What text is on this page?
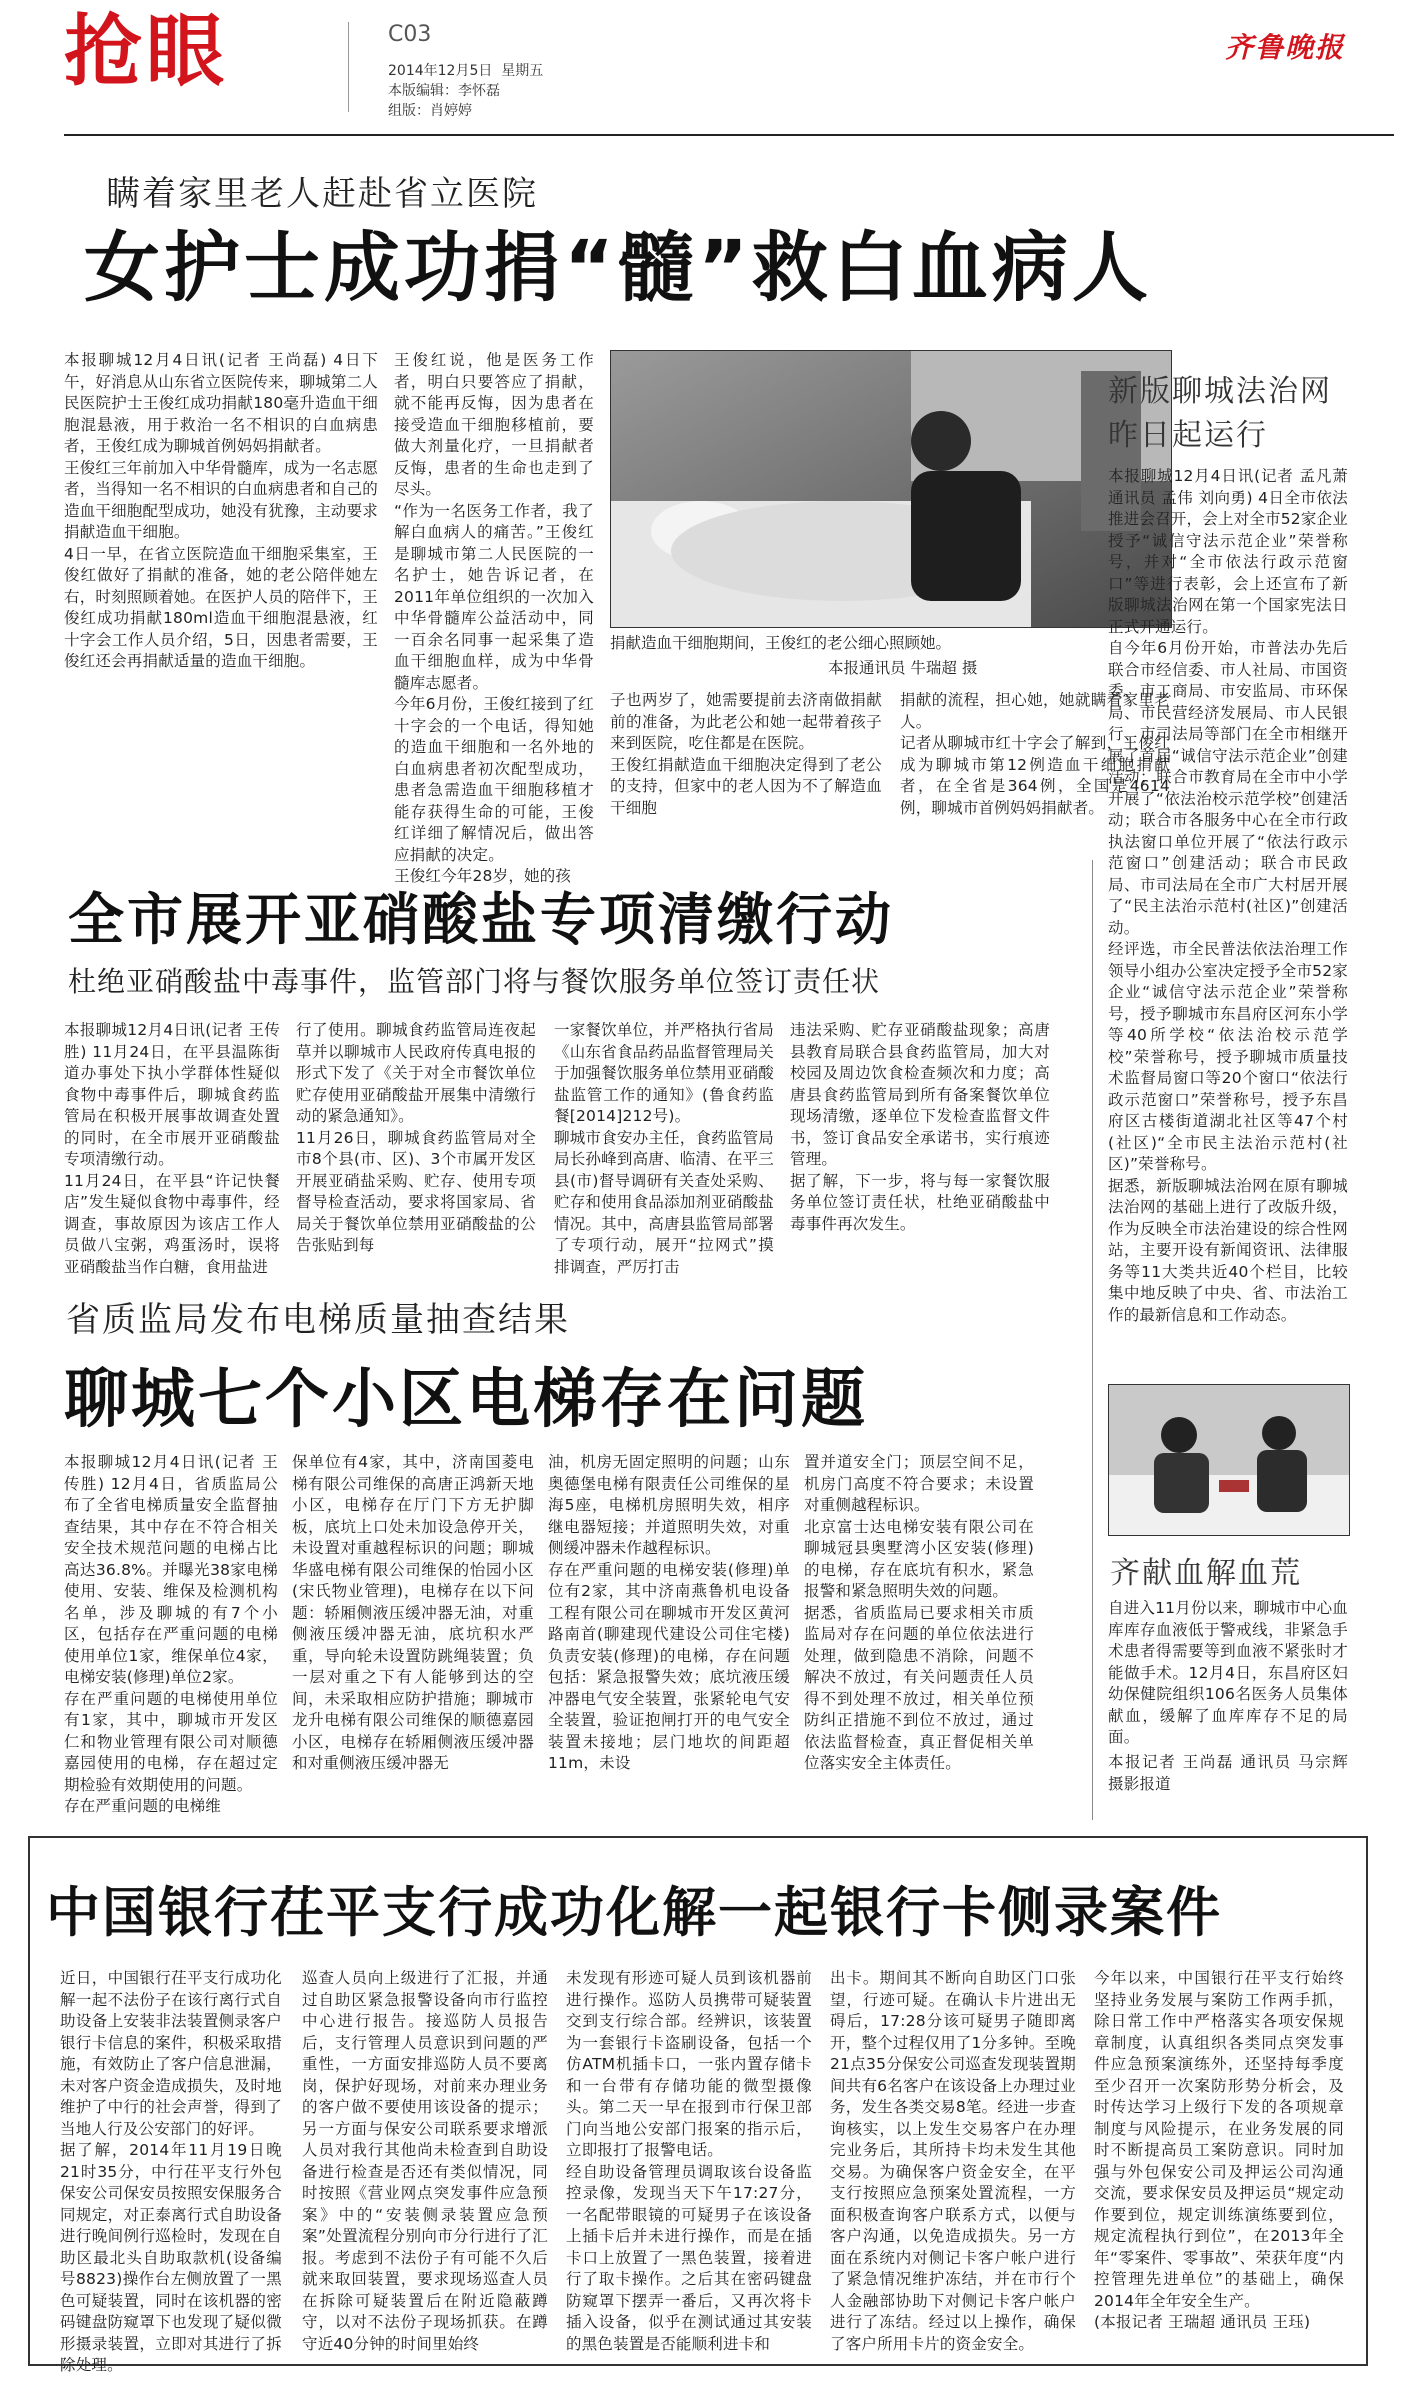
抢眼	C03
2014年12月5日 星期五
本版编辑：李怀磊
组版：肖婷婷
齐鲁晚报
瞒着家里老人赶赴省立医院
女护士成功捐“髓”救白血病人
本报聊城12月4日讯(记者 王尚磊) 4日下午，好消息从山东省立医院传来，聊城第二人民医院护士王俊红成功捐献180毫升造血干细胞混悬液，用于救治一名不相识的白血病患者，王俊红成为聊城首例妈妈捐献者。
王俊红三年前加入中华骨髓库，成为一名志愿者，当得知一名不相识的白血病患者和自己的造血干细胞配型成功，她没有犹豫，主动要求捐献造血干细胞。
4日一早，在省立医院造血干细胞采集室，王俊红做好了捐献的准备，她的老公陪伴她左右，时刻照顾着她。在医护人员的陪伴下，王俊红成功捐献180ml造血干细胞混悬液，红十字会工作人员介绍，5日，因患者需要，王俊红还会再捐献适量的造血干细胞。
王俊红说，他是医务工作者，明白只要答应了捐献，就不能再反悔，因为患者在接受造血干细胞移植前，要做大剂量化疗，一旦捐献者反悔，患者的生命也走到了尽头。
“作为一名医务工作者，我了解白血病人的痛苦。”王俊红是聊城市第二人民医院的一名护士，她告诉记者，在2011年单位组织的一次加入中华骨髓库公益活动中，同一百余名同事一起采集了造血干细胞血样，成为中华骨髓库志愿者。
今年6月份，王俊红接到了红十字会的一个电话，得知她的造血干细胞和一名外地的白血病患者初次配型成功，患者急需造血干细胞移植才能存获得生命的可能，王俊红详细了解情况后，做出答应捐献的决定。
王俊红今年28岁，她的孩
捐献造血干细胞期间，王俊红的老公细心照顾她。
本报通讯员 牛瑞超 摄
子也两岁了，她需要提前去济南做捐献前的准备，为此老公和她一起带着孩子来到医院，吃住都是在医院。
王俊红捐献造血干细胞决定得到了老公的支持，但家中的老人因为不了解造血干细胞
捐献的流程，担心她，她就瞒着家里老人。
记者从聊城市红十字会了解到，王俊红成为聊城市第12例造血干细胞捐献者，在全省是364例，全国是4614例，聊城市首例妈妈捐献者。
新版聊城法治网
昨日起运行
本报聊城12月4日讯(记者 孟凡萧 通讯员 孟伟 刘向勇) 4日全市依法推进会召开，会上对全市52家企业授予“诚信守法示范企业”荣誉称号，并对“全市依法行政示范窗口”等进行表彰，会上还宣布了新版聊城法治网在第一个国家宪法日正式开通运行。
自今年6月份开始，市普法办先后联合市经信委、市人社局、市国资委、市工商局、市安监局、市环保局、市民营经济发展局、市人民银行、市司法局等部门在全市相继开展了首届“诚信守法示范企业”创建活动；联合市教育局在全市中小学开展了“依法治校示范学校”创建活动；联合市各服务中心在全市行政执法窗口单位开展了“依法行政示范窗口”创建活动；联合市民政局、市司法局在全市广大村居开展了“民主法治示范村(社区)”创建活动。
经评选，市全民普法依法治理工作领导小组办公室决定授予全市52家企业“诚信守法示范企业”荣誉称号，授予聊城市东昌府区河东小学等40所学校“依法治校示范学校”荣誉称号，授予聊城市质量技术监督局窗口等20个窗口“依法行政示范窗口”荣誉称号，授予东昌府区古楼街道湖北社区等47个村(社区)“全市民主法治示范村(社区)”荣誉称号。
据悉，新版聊城法治网在原有聊城法治网的基础上进行了改版升级，作为反映全市法治建设的综合性网站，主要开设有新闻资讯、法律服务等11大类共近40个栏目，比较集中地反映了中央、省、市法治工作的最新信息和工作动态。
全市展开亚硝酸盐专项清缴行动
杜绝亚硝酸盐中毒事件，监管部门将与餐饮服务单位签订责任状
本报聊城12月4日讯(记者 王传胜) 11月24日，在平县温陈街道办事处下执小学群体性疑似食物中毒事件后，聊城食药监管局在积极开展事故调查处置的同时，在全市展开亚硝酸盐专项清缴行动。
11月24日，在平县“许记快餐店”发生疑似食物中毒事件，经调查，事故原因为该店工作人员做八宝粥，鸡蛋汤时，误将亚硝酸盐当作白糖，食用盐进
行了使用。聊城食药监管局连夜起草并以聊城市人民政府传真电报的形式下发了《关于对全市餐饮单位贮存使用亚硝酸盐开展集中清缴行动的紧急通知》。
11月26日，聊城食药监管局对全市8个县(市、区)、3个市属开发区开展亚硝盐采购、贮存、使用专项督导检查活动，要求将国家局、省局关于餐饮单位禁用亚硝酸盐的公告张贴到每
一家餐饮单位，并严格执行省局《山东省食品药品监督管理局关于加强餐饮服务单位禁用亚硝酸盐监管工作的通知》(鲁食药监餐[2014]212号)。
聊城市食安办主任，食药监管局局长孙峰到高唐、临清、在平三县(市)督导调研有关查处采购、贮存和使用食品添加剂亚硝酸盐情况。其中，高唐县监管局部署了专项行动，展开“拉网式”摸排调查，严厉打击
违法采购、贮存亚硝酸盐现象；高唐县教育局联合县食药监管局，加大对校园及周边饮食检查频次和力度；高唐县食药监管局到所有备案餐饮单位现场清缴，逐单位下发检查监督文件书，签订食品安全承诺书，实行痕迹管理。
据了解，下一步，将与每一家餐饮服务单位签订责任状，杜绝亚硝酸盐中毒事件再次发生。
省质监局发布电梯质量抽查结果
聊城七个小区电梯存在问题
本报聊城12月4日讯(记者 王传胜) 12月4日，省质监局公布了全省电梯质量安全监督抽查结果，其中存在不符合相关安全技术规范问题的电梯占比高达36.8%。并曝光38家电梯使用、安装、维保及检测机构名单，涉及聊城的有7个小区，包括存在严重问题的电梯使用单位1家，维保单位4家，电梯安装(修理)单位2家。
存在严重问题的电梯使用单位有1家，其中，聊城市开发区仁和物业管理有限公司对顺德嘉园使用的电梯，存在超过定期检验有效期使用的问题。
存在严重问题的电梯维
保单位有4家，其中，济南国菱电梯有限公司维保的高唐正鸿新天地小区，电梯存在厅门下方无护脚板，底坑上口处未加设急停开关，未设置对重越程标识的问题；聊城华盛电梯有限公司维保的怡园小区(宋氏物业管理)，电梯存在以下问题：轿厢侧液压缓冲器无油，对重侧液压缓冲器无油，底坑积水严重，导向轮未设置防跳绳装置；负一层对重之下有人能够到达的空间，未采取相应防护措施；聊城市龙升电梯有限公司维保的顺德嘉园小区，电梯存在轿厢侧液压缓冲器和对重侧液压缓冲器无
油，机房无固定照明的问题；山东奥德堡电梯有限责任公司维保的星海5座，电梯机房照明失效，相序继电器短接；并道照明失效，对重侧缓冲器未作越程标识。
存在严重问题的电梯安装(修理)单位有2家，其中济南燕鲁机电设备工程有限公司在聊城市开发区黄河路南首(聊建现代建设公司住宅楼)负责安装(修理)的电梯，存在问题包括：紧急报警失效；底坑液压缓冲器电气安全装置，张紧轮电气安全装置，验证抱闸打开的电气安全装置未接地；层门地坎的间距超11m，未设
置并道安全门；顶层空间不足，机房门高度不符合要求；未设置对重侧越程标识。
北京富士达电梯安装有限公司在聊城冠县奥墅湾小区安装(修理)的电梯，存在底坑有积水，紧急报警和紧急照明失效的问题。
据悉，省质监局已要求相关市质监局对存在问题的单位依法进行处理，做到隐患不消除，问题不解决不放过，有关问题责任人员得不到处理不放过，相关单位预防纠正措施不到位不放过，通过依法监督检查，真正督促相关单位落实安全主体责任。
齐献血解血荒
自进入11月份以来，聊城市中心血库库存血液低于警戒线，非紧急手术患者得需要等到血液不紧张时才能做手术。12月4日，东昌府区妇幼保健院组织106名医务人员集体献血，缓解了血库库存不足的局面。
本报记者 王尚磊 通讯员 马宗辉 摄影报道
中国银行茌平支行成功化解一起银行卡侧录案件
近日，中国银行茌平支行成功化解一起不法份子在该行离行式自助设备上安装非法装置侧录客户银行卡信息的案件，积极采取措施，有效防止了客户信息泄漏，未对客户资金造成损失，及时地维护了中行的社会声誉，得到了当地人行及公安部门的好评。
据了解，2014年11月19日晚21时35分，中行茌平支行外包保安公司保安员按照安保服务合同规定，对正泰离行式自助设备进行晚间例行巡检时，发现在自助区最北头自助取款机(设备编号8823)操作台左侧放置了一黑色可疑装置，同时在该机器的密码键盘防窥罩下也发现了疑似微形摄录装置，立即对其进行了拆除处理。
巡查人员向上级进行了汇报，并通过自助区紧急报警设备向市行监控中心进行报告。接巡防人员报告后，支行管理人员意识到问题的严重性，一方面安排巡防人员不要离岗，保护好现场，对前来办理业务的客户做不要使用该设备的提示；另一方面与保安公司联系要求增派人员对我行其他尚未检查到自助设备进行检查是否还有类似情况，同时按照《营业网点突发事件应急预案》中的“安装侧录装置应急预案”处置流程分别向市分行进行了汇报。考虑到不法份子有可能不久后就来取回装置，要求现场巡查人员在拆除可疑装置后在附近隐蔽蹲守，以对不法份子现场抓获。在蹲守近40分钟的时间里始终
未发现有形迹可疑人员到该机器前进行操作。巡防人员携带可疑装置交到支行综合部。经辨识，该装置为一套银行卡盗刷设备，包括一个仿ATM机插卡口，一张内置存储卡和一台带有存储功能的微型摄像头。第二天一早在报到市行保卫部门向当地公安部门报案的指示后，立即报打了报警电话。
经自助设备管理员调取该台设备监控录像，发现当天下午17:27分，一名配带眼镜的可疑男子在该设备上插卡后并未进行操作，而是在插卡口上放置了一黑色装置，接着进行了取卡操作。之后其在密码键盘防窥罩下摆弄一番后，又再次将卡插入设备，似乎在测试通过其安装的黑色装置是否能顺利进卡和
出卡。期间其不断向自助区门口张望，行迹可疑。在确认卡片进出无碍后，17:28分该可疑男子随即离开，整个过程仅用了1分多钟。至晚21点35分保安公司巡查发现装置期间共有6名客户在该设备上办理过业务，发生各类交易8笔。经进一步查询核实，以上发生交易客户在办理完业务后，其所持卡均未发生其他交易。为确保客户资金安全，在平支行按照应急预案处置流程，一方面积极查询客户联系方式，以便与客户沟通，以免造成损失。另一方面在系统内对侧记卡客户帐户进行了紧急情况维护冻结，并在市行个人金融部协助下对侧记卡客户帐户进行了冻结。经过以上操作，确保了客户所用卡片的资金安全。
今年以来，中国银行茌平支行始终坚持业务发展与案防工作两手抓，除日常工作中严格落实各项安保规章制度，认真组织各类同点突发事件应急预案演练外，还坚持每季度至少召开一次案防形势分析会，及时传达学习上级行下发的各项规章制度与风险提示，在业务发展的同时不断提高员工案防意识。同时加强与外包保安公司及押运公司沟通交流，要求保安员及押运员“规定动作要到位，规定训练演练要到位，规定流程执行到位”，在2013年全年“零案件、零事故”、荣获年度“内控管理先进单位”的基础上，确保2014年全年安全生产。
(本报记者 王瑞超 通讯员 王珏)
